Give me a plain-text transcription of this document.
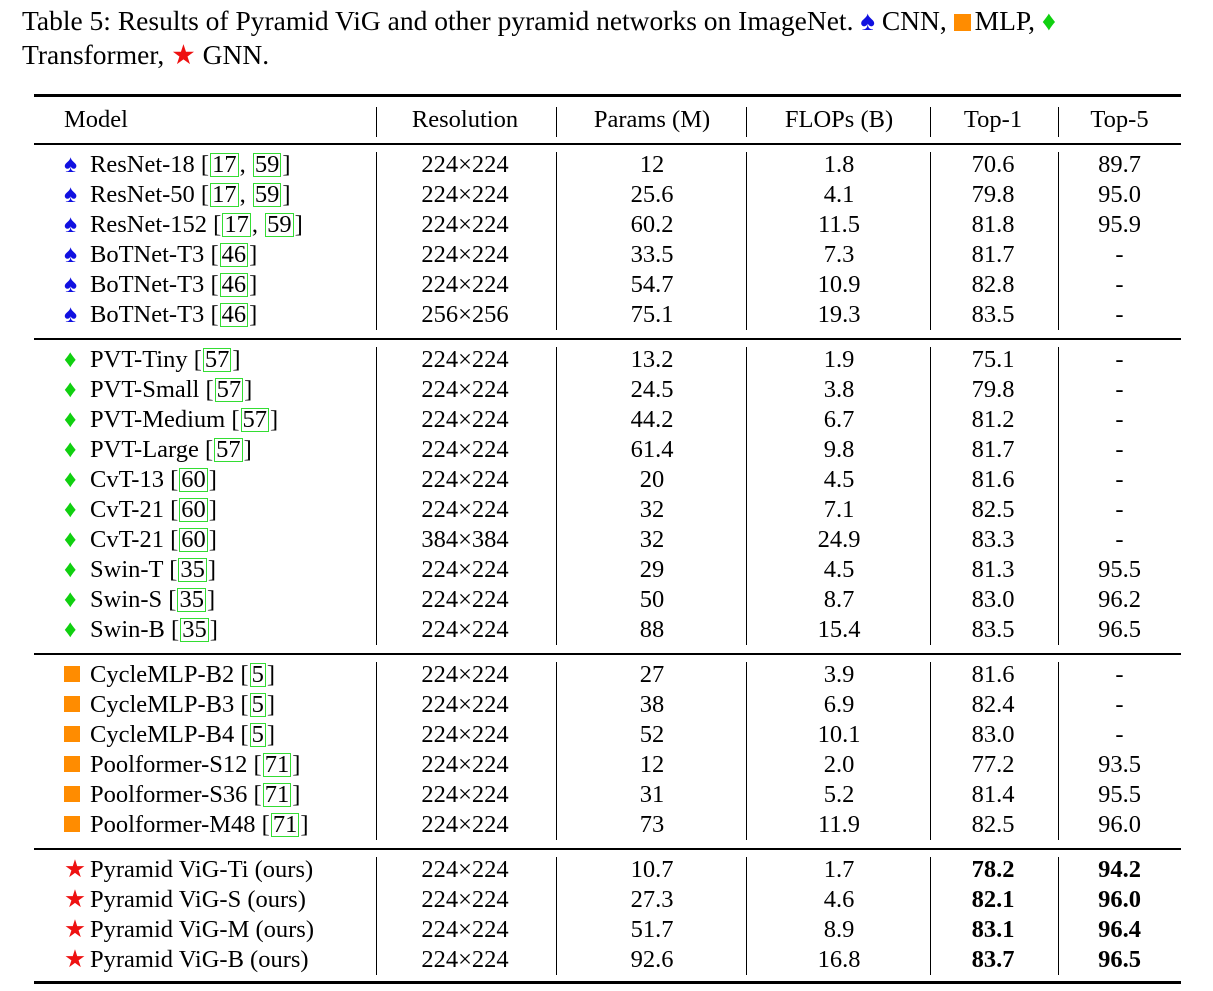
Table 5: Results of Pyramid ViG and other pyramid networks on ImageNet. ♠ CNN, MLP, ♦
Transformer, ★ GNN.
Model	Resolution	Params (M)	FLOPs (B)	Top-1	Top-5
♠ ResNet-18 [ 17 , 59 ]	224×224	12	1.8	70.6	89.7
♠ ResNet-50 [ 17 , 59 ]	224×224	25.6	4.1	79.8	95.0
♠ ResNet-152 [ 17 , 59 ]	224×224	60.2	11.5	81.8	95.9
♠ BoTNet-T3 [ 46 ]	224×224	33.5	7.3	81.7	-
♠ BoTNet-T3 [ 46 ]	224×224	54.7	10.9	82.8	-
♠ BoTNet-T3 [ 46 ]	256×256	75.1	19.3	83.5	-
♦ PVT-Tiny [ 57 ]	224×224	13.2	1.9	75.1	-
♦ PVT-Small [ 57 ]	224×224	24.5	3.8	79.8	-
♦ PVT-Medium [ 57 ]	224×224	44.2	6.7	81.2	-
♦ PVT-Large [ 57 ]	224×224	61.4	9.8	81.7	-
♦ CvT-13 [ 60 ]	224×224	20	4.5	81.6	-
♦ CvT-21 [ 60 ]	224×224	32	7.1	82.5	-
♦ CvT-21 [ 60 ]	384×384	32	24.9	83.3	-
♦ Swin-T [ 35 ]	224×224	29	4.5	81.3	95.5
♦ Swin-S [ 35 ]	224×224	50	8.7	83.0	96.2
♦ Swin-B [ 35 ]	224×224	88	15.4	83.5	96.5
CycleMLP-B2 [ 5 ]	224×224	27	3.9	81.6	-
CycleMLP-B3 [ 5 ]	224×224	38	6.9	82.4	-
CycleMLP-B4 [ 5 ]	224×224	52	10.1	83.0	-
Poolformer-S12 [ 71 ]	224×224	12	2.0	77.2	93.5
Poolformer-S36 [ 71 ]	224×224	31	5.2	81.4	95.5
Poolformer-M48 [ 71 ]	224×224	73	11.9	82.5	96.0
★ Pyramid ViG-Ti (ours)	224×224	10.7	1.7	78.2	94.2
★ Pyramid ViG-S (ours)	224×224	27.3	4.6	82.1	96.0
★ Pyramid ViG-M (ours)	224×224	51.7	8.9	83.1	96.4
★ Pyramid ViG-B (ours)	224×224	92.6	16.8	83.7	96.5
